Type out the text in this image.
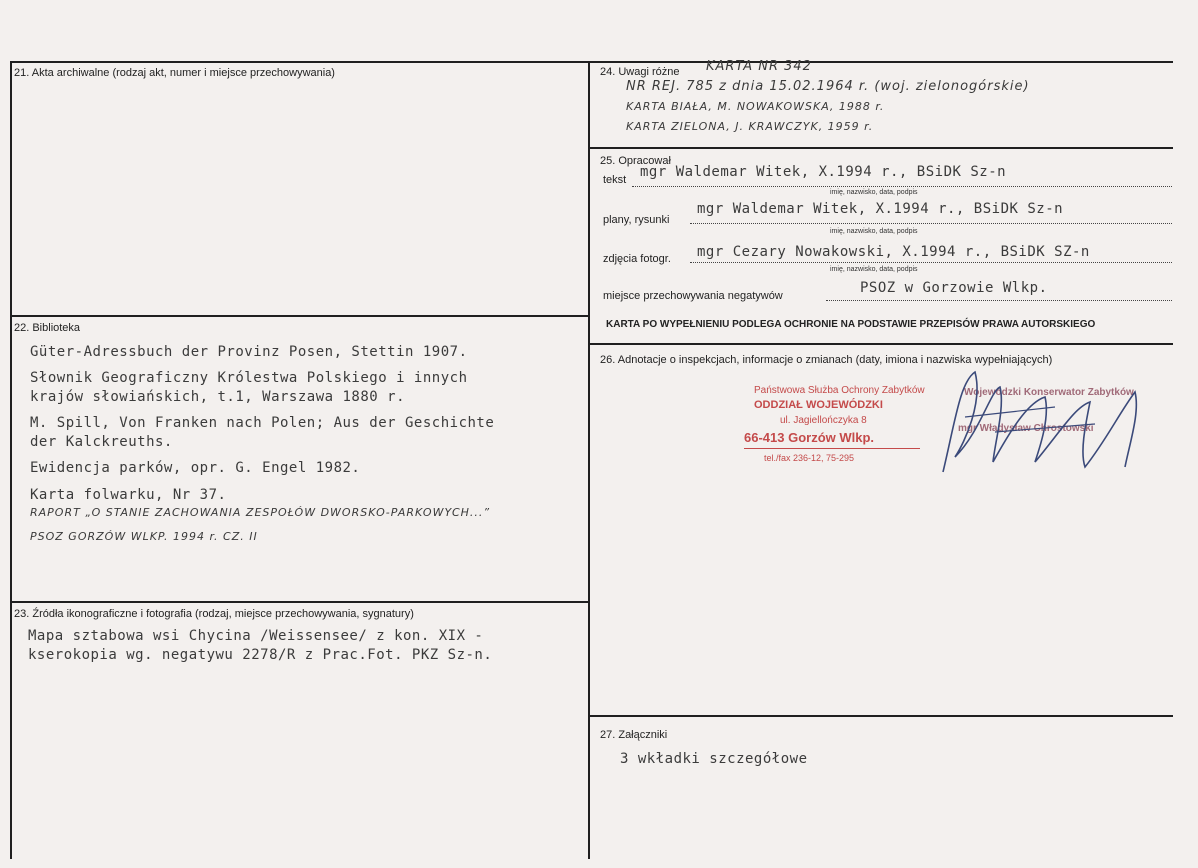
21. Akta archiwalne (rodzaj akt, numer i miejsce przechowywania)
22. Biblioteka
Güter-Adressbuch der Provinz Posen, Stettin 1907.
Słownik Geograficzny Królestwa Polskiego i innych
krajów słowiańskich, t.1, Warszawa 1880 r.
M. Spill, Von Franken nach Polen; Aus der Geschichte
der Kalckreuths.
Ewidencja parków, opr. G. Engel 1982.
Karta folwarku, Nr 37.
RAPORT „O STANIE ZACHOWANIA ZESPOŁÓW DWORSKO-PARKOWYCH...”
PSOZ GORZÓW WLKP. 1994 r. CZ. II
23. Źródła ikonograficzne i fotografia (rodzaj, miejsce przechowywania, sygnatury)
Mapa sztabowa wsi Chycina /Weissensee/ z kon. XIX -
kserokopia wg. negatywu 2278/R z Prac.Fot. PKZ Sz-n.
24. Uwagi różne KARTA NR 342
NR REJ. 785 z dnia 15.02.1964 r. (woj. zielonogórskie)
KARTA BIAŁA, M. NOWAKOWSKA, 1988 r.
KARTA ZIELONA, J. KRAWCZYK, 1959 r.
25. Opracował
tekst mgr Waldemar Witek, X.1994 r., BSiDK Sz-n
imię, nazwisko, data, podpis
plany, rysunki
mgr Waldemar Witek, X.1994 r., BSiDK Sz-n
imię, nazwisko, data, podpis
zdjęcia fotogr. mgr Cezary Nowakowski, X.1994 r., BSiDK SZ-n
imię, nazwisko, data, podpis
miejsce przechowywania negatywów	PSOZ w Gorzowie Wlkp.
KARTA PO WYPEŁNIENIU PODLEGA OCHRONIE NA PODSTAWIE PRZEPISÓW PRAWA AUTORSKIEGO
26. Adnotacje o inspekcjach, informacje o zmianach (daty, imiona i nazwiska wypełniających)
Państwowa Służba Ochrony Zabytków
ODDZIAŁ WOJEWÓDZKI
ul. Jagiellończyka 8
66-413 Gorzów Wlkp.
tel./fax 236-12, 75-295
Wojewódzki Konserwator Zabytków
mgr Władysław Chrostowski
27. Załączniki
3 wkładki szczegółowe
